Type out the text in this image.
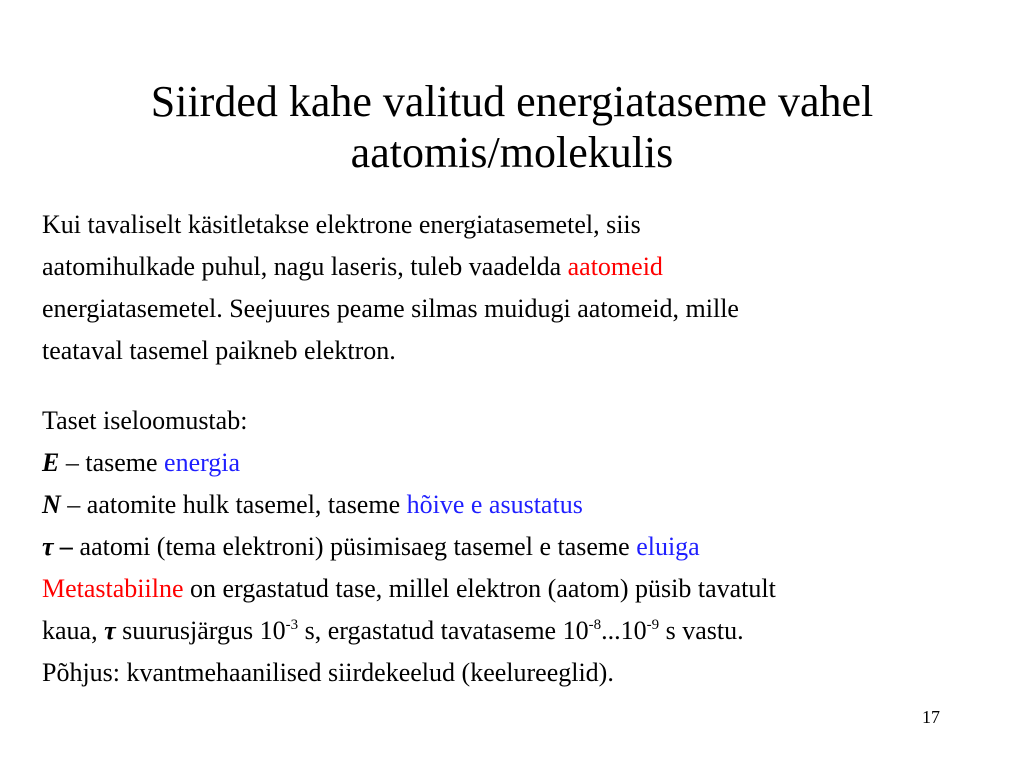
Siirded kahe valitud energiataseme vahel
aatomis/molekulis
Kui tavaliselt käsitletakse elektrone energiatasemetel, siis
aatomihulkade puhul, nagu laseris, tuleb vaadelda aatomeid
energiatasemetel. Seejuures peame silmas muidugi aatomeid, mille
teataval tasemel paikneb elektron.
Taset iseloomustab:
E – taseme energia
N – aatomite hulk tasemel, taseme hõive e asustatus
τ – aatomi (tema elektroni) püsimisaeg tasemel e taseme eluiga
Metastabiilne on ergastatud tase, millel elektron (aatom) püsib tavatult
kaua, τ suurusjärgus $10^{-3}$ s, ergastatud tavataseme $10^{-8}...10^{-9}$ s vastu.
Põhjus: kvantmehaanilised siirdekeelud (keelureeglid).
17
